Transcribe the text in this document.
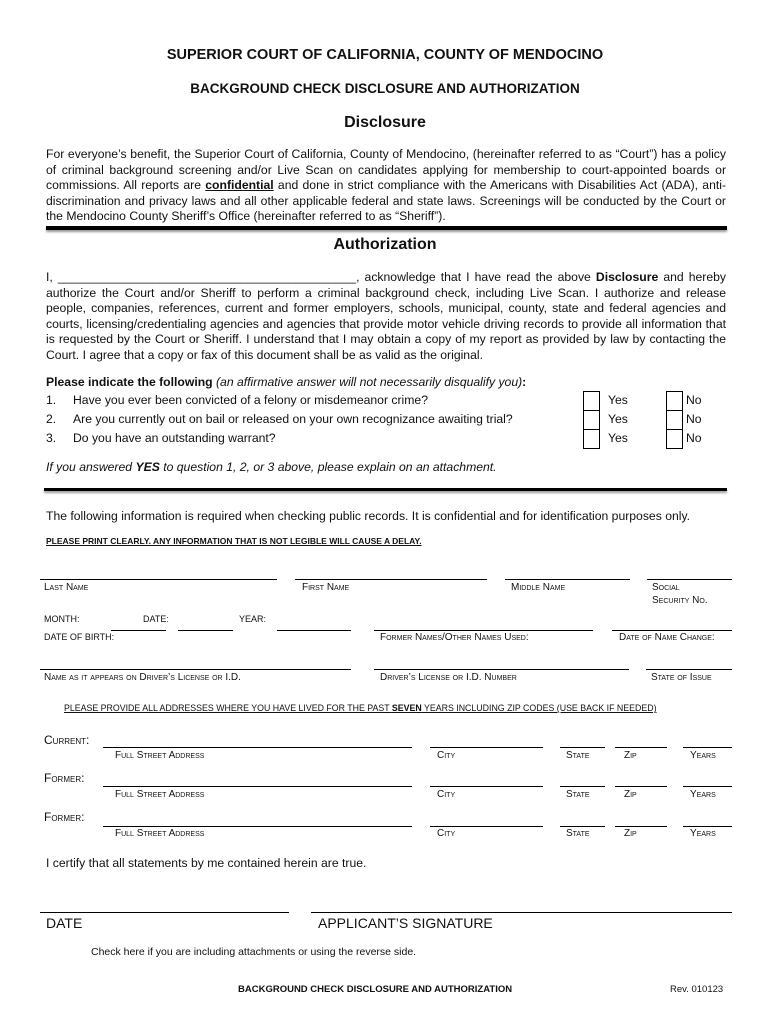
SUPERIOR COURT OF CALIFORNIA, COUNTY OF MENDOCINO
BACKGROUND CHECK DISCLOSURE AND AUTHORIZATION
Disclosure
For everyone’s benefit, the Superior Court of California, County of Mendocino, (hereinafter referred to as “Court”) has a policy of criminal background screening and/or Live Scan on candidates applying for membership to court-appointed boards or commissions. All reports are confidential and done in strict compliance with the Americans with Disabilities Act (ADA), anti-discrimination and privacy laws and all other applicable federal and state laws. Screenings will be conducted by the Court or the Mendocino County Sheriff’s Office (hereinafter referred to as “Sheriff”).
Authorization
I, ____________________________________________, acknowledge that I have read the above Disclosure and hereby authorize the Court and/or Sheriff to perform a criminal background check, including Live Scan. I authorize and release people, companies, references, current and former employers, schools, municipal, county, state and federal agencies and courts, licensing/credentialing agencies and agencies that provide motor vehicle driving records to provide all information that is requested by the Court or Sheriff. I understand that I may obtain a copy of my report as provided by law by contacting the Court. I agree that a copy or fax of this document shall be as valid as the original.
Please indicate the following (an affirmative answer will not necessarily disqualify you):
1. Have you ever been convicted of a felony or misdemeanor crime?	Yes	No
2. Are you currently out on bail or released on your own recognizance awaiting trial?	Yes	No
3. Do you have an outstanding warrant?	Yes	No
If you answered YES to question 1, 2, or 3 above, please explain on an attachment.
The following information is required when checking public records. It is confidential and for identification purposes only.
PLEASE PRINT CLEARLY. ANY INFORMATION THAT IS NOT LEGIBLE WILL CAUSE A DELAY.
Last Name	First Name	Middle Name	Social
Security No.
MONTH:	DATE:	YEAR:
DATE OF BIRTH:	Former Names/Other Names Used:	Date of Name Change:
Name as it appears on Driver’s License or I.D.	Driver’s License or I.D. Number	State of Issue
PLEASE PROVIDE ALL ADDRESSES WHERE YOU HAVE LIVED FOR THE PAST SEVEN YEARS INCLUDING ZIP CODES (USE BACK IF NEEDED)
Current:
Full Street Address	City	State	Zip	Years
Former:
Full Street Address	City	State	Zip	Years
Former:
Full Street Address	City	State	Zip	Years
I certify that all statements by me contained herein are true.
DATE	APPLICANT’S SIGNATURE
Check here if you are including attachments or using the reverse side.
BACKGROUND CHECK DISCLOSURE AND AUTHORIZATION	Rev. 010123
